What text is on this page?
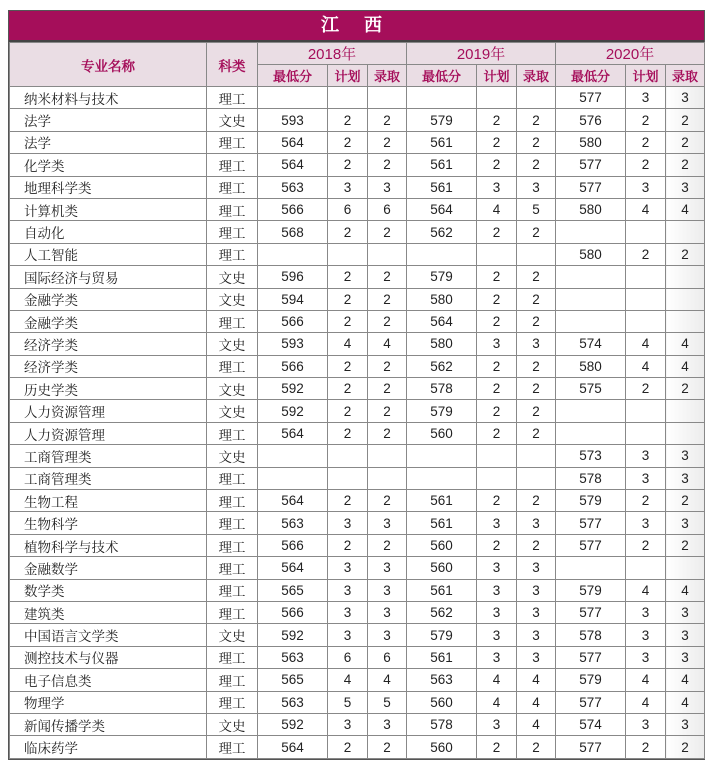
江 西
专业名称	科类	2018年			2019年			2020年		
		最低分	计划	录取	最低分	计划	录取	最低分	计划	录取
纳米材料与技术	理工							577	3	3
法学	文史	593	2	2	579	2	2	576	2	2
法学	理工	564	2	2	561	2	2	580	2	2
化学类	理工	564	2	2	561	2	2	577	2	2
地理科学类	理工	563	3	3	561	3	3	577	3	3
计算机类	理工	566	6	6	564	4	5	580	4	4
自动化	理工	568	2	2	562	2	2			
人工智能	理工							580	2	2
国际经济与贸易	文史	596	2	2	579	2	2			
金融学类	文史	594	2	2	580	2	2			
金融学类	理工	566	2	2	564	2	2			
经济学类	文史	593	4	4	580	3	3	574	4	4
经济学类	理工	566	2	2	562	2	2	580	4	4
历史学类	文史	592	2	2	578	2	2	575	2	2
人力资源管理	文史	592	2	2	579	2	2			
人力资源管理	理工	564	2	2	560	2	2			
工商管理类	文史							573	3	3
工商管理类	理工							578	3	3
生物工程	理工	564	2	2	561	2	2	579	2	2
生物科学	理工	563	3	3	561	3	3	577	3	3
植物科学与技术	理工	566	2	2	560	2	2	577	2	2
金融数学	理工	564	3	3	560	3	3			
数学类	理工	565	3	3	561	3	3	579	4	4
建筑类	理工	566	3	3	562	3	3	577	3	3
中国语言文学类	文史	592	3	3	579	3	3	578	3	3
测控技术与仪器	理工	563	6	6	561	3	3	577	3	3
电子信息类	理工	565	4	4	563	4	4	579	4	4
物理学	理工	563	5	5	560	4	4	577	4	4
新闻传播学类	文史	592	3	3	578	3	4	574	3	3
临床药学	理工	564	2	2	560	2	2	577	2	2
